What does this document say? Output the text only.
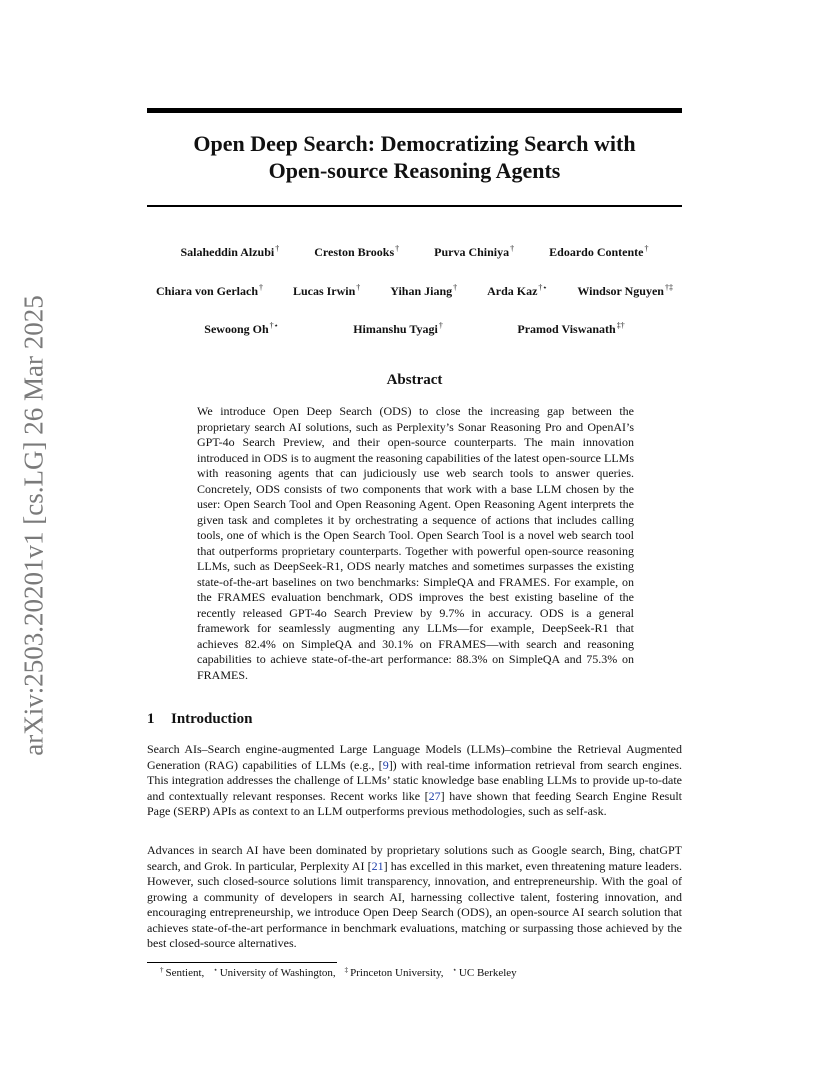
arXiv:2503.20201v1 [cs.LG] 26 Mar 2025
Open Deep Search: Democratizing Search with
Open-source Reasoning Agents
Salaheddin Alzubi†	Creston Brooks†	Purva Chiniya†	Edoardo Contente†
Chiara von Gerlach† Lucas Irwin† Yihan Jiang† Arda Kaz†⋆ Windsor Nguyen†‡
Sewoong Oh†⋆	Himanshu Tyagi†	Pramod Viswanath‡†
Abstract

We introduce Open Deep Search (ODS) to close the increasing gap between the proprietary search AI solutions, such as Perplexity’s Sonar Reasoning Pro and OpenAI’s GPT-4o Search Preview, and their open-source counterparts. The main innovation introduced in ODS is to augment the reasoning capabilities of the latest open-source LLMs with reasoning agents that can judiciously use web search tools to answer queries. Concretely, ODS consists of two components that work with a base LLM chosen by the user: Open Search Tool and Open Reasoning Agent. Open Reasoning Agent interprets the given task and completes it by orchestrating a sequence of actions that includes calling tools, one of which is the Open Search Tool. Open Search Tool is a novel web search tool that outperforms proprietary counterparts. Together with powerful open-source reasoning LLMs, such as DeepSeek-R1, ODS nearly matches and sometimes surpasses the existing state-of-the-art baselines on two benchmarks: SimpleQA and FRAMES. For example, on the FRAMES evaluation benchmark, ODS improves the best existing baseline of the recently released GPT-4o Search Preview by 9.7% in accuracy. ODS is a general framework for seamlessly augmenting any LLMs—for example, DeepSeek-R1 that achieves 82.4% on SimpleQA and 30.1% on FRAMES—with search and reasoning capabilities to achieve state-of-the-art performance: 88.3% on SimpleQA and 75.3% on FRAMES.

1 Introduction

Search AIs–Search engine-augmented Large Language Models (LLMs)–combine the Retrieval Augmented Generation (RAG) capabilities of LLMs (e.g., [9]) with real-time information retrieval from search engines. This integration addresses the challenge of LLMs’ static knowledge base enabling LLMs to provide up-to-date and contextually relevant responses. Recent works like [27] have shown that feeding Search Engine Result Page (SERP) APIs as context to an LLM outperforms previous methodologies, such as self-ask.

Advances in search AI have been dominated by proprietary solutions such as Google search, Bing, chatGPT search, and Grok. In particular, Perplexity AI [21] has excelled in this market, even threatening mature leaders. However, such closed-source solutions limit transparency, innovation, and entrepreneurship. With the goal of growing a community of developers in search AI, harnessing collective talent, fostering innovation, and encouraging entrepreneurship, we introduce Open Deep Search (ODS), an open-source AI search solution that achieves state-of-the-art performance in benchmark evaluations, matching or surpassing those achieved by the best closed-source alternatives.

† Sentient, ⋆ University of Washington, ‡ Princeton University, ⋆ UC Berkeley
